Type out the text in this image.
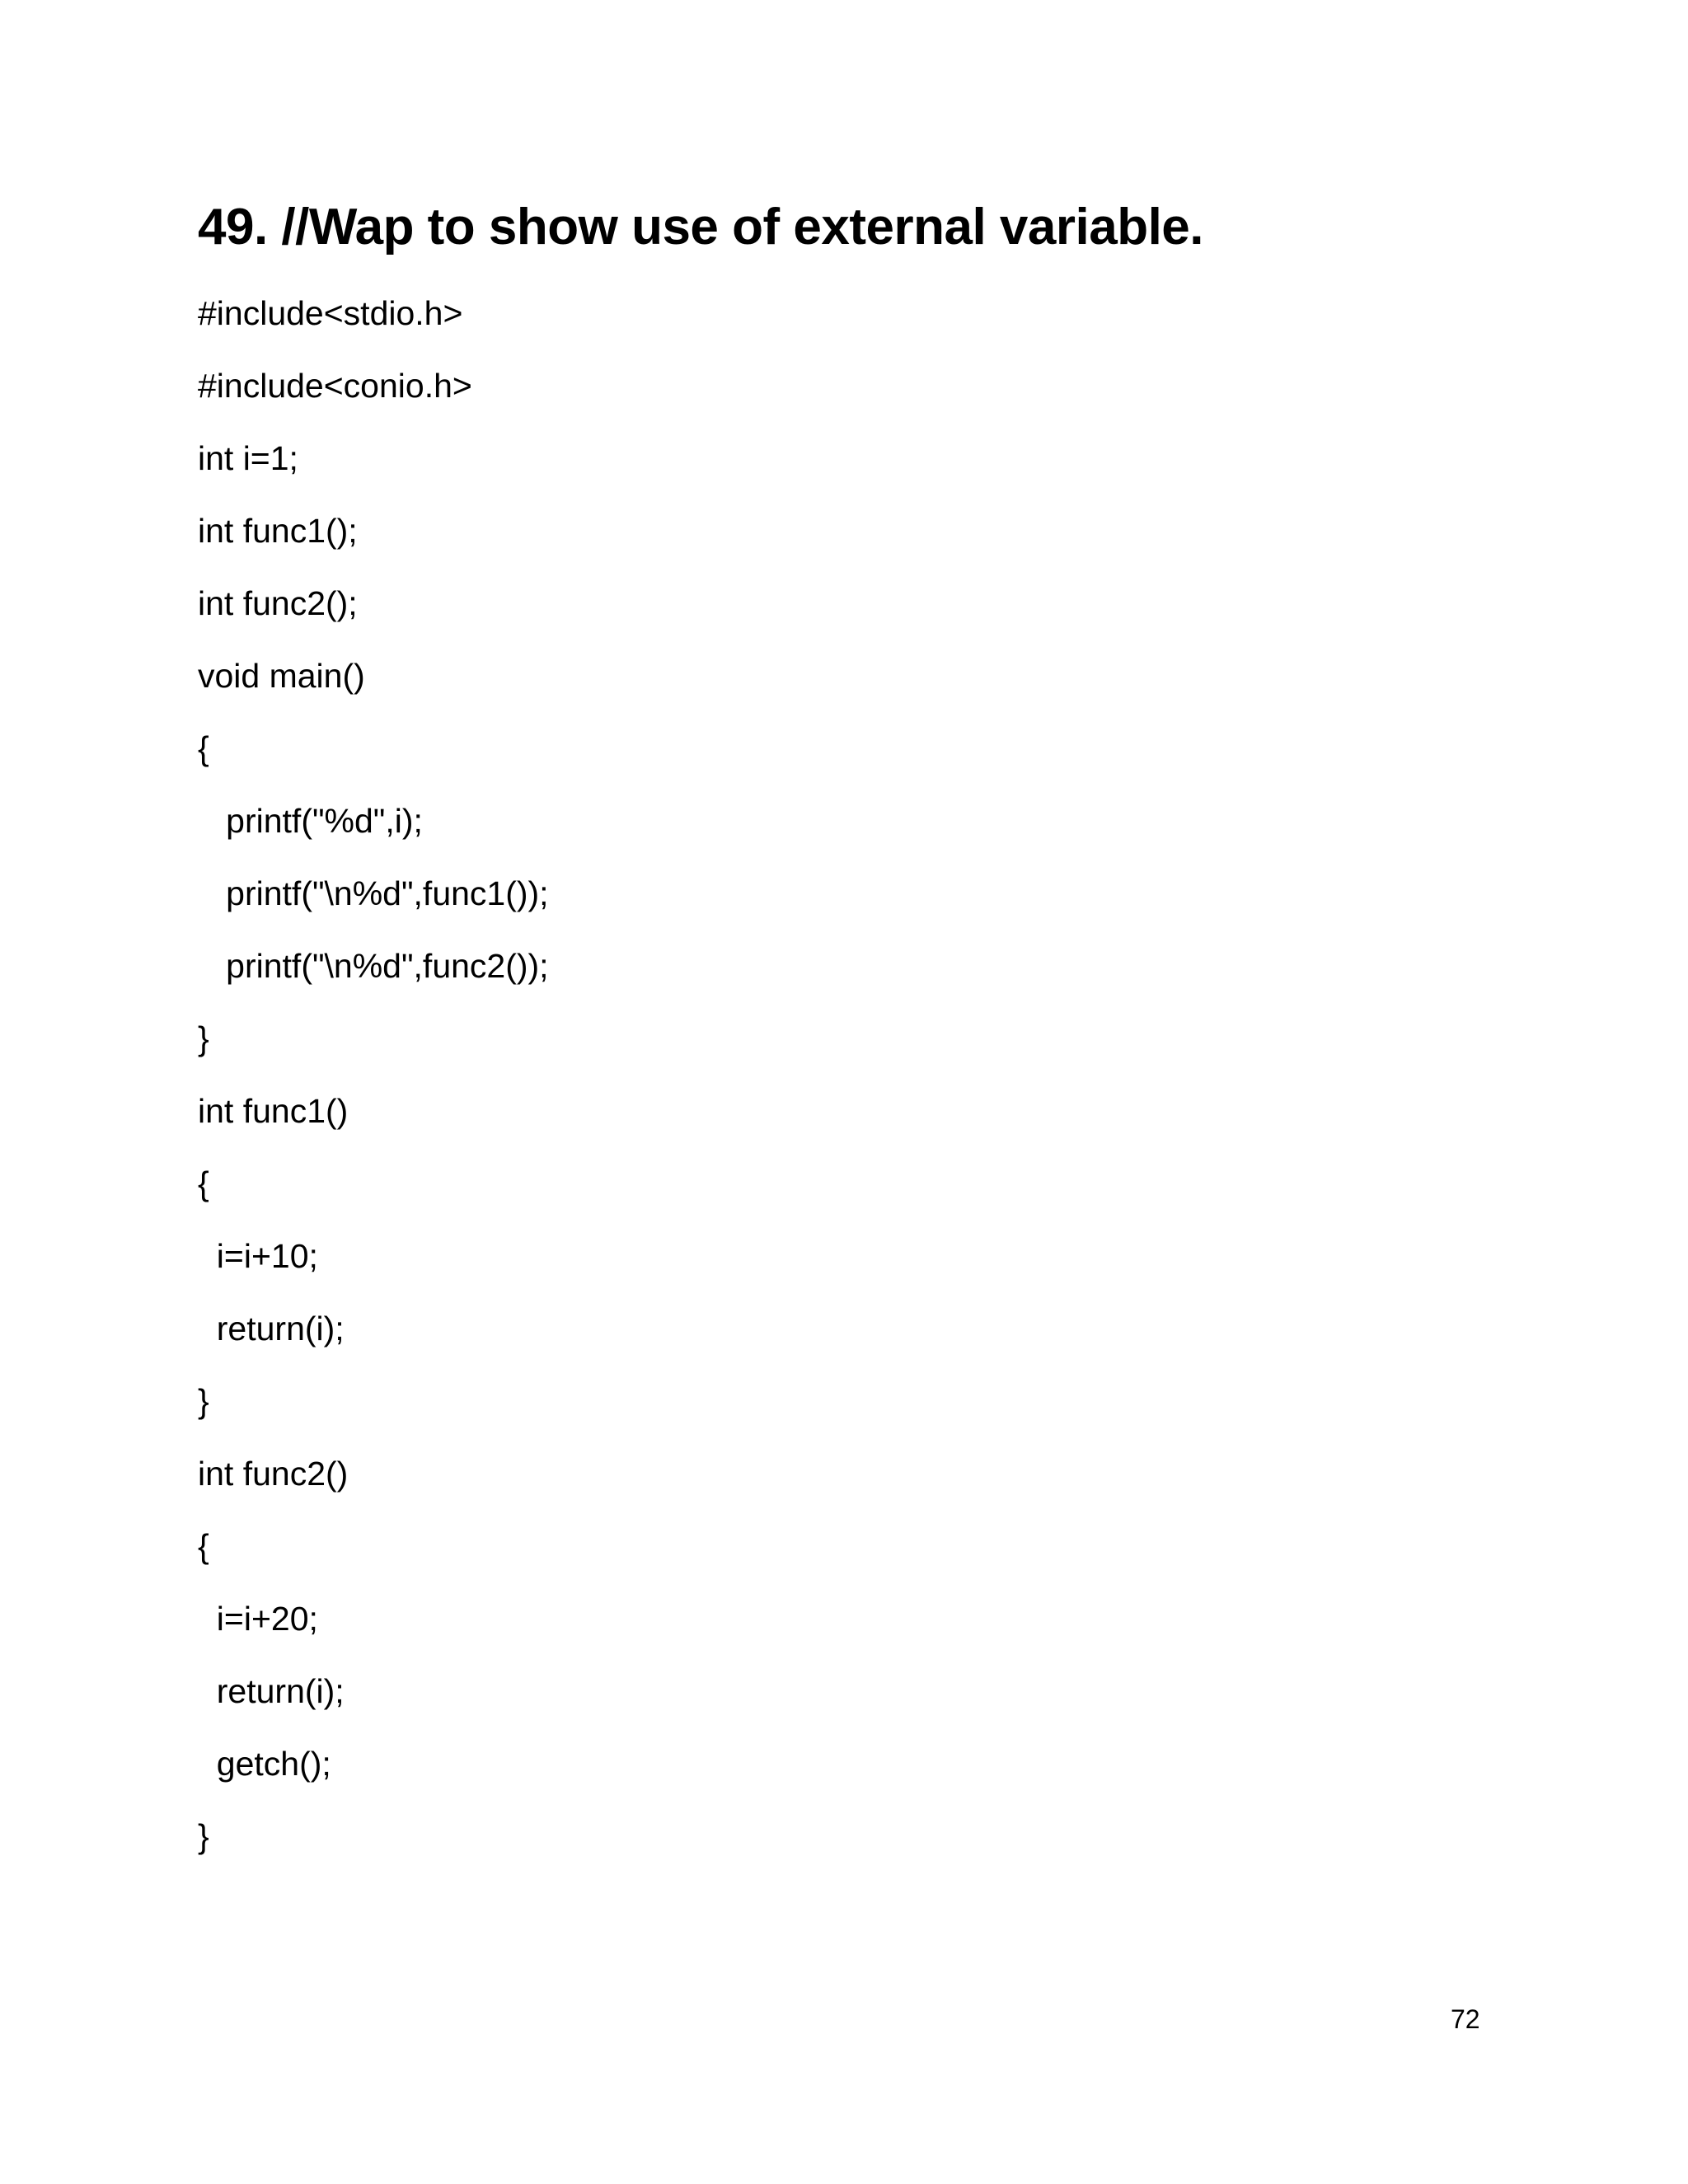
49. //Wap to show use of external variable.
#include<stdio.h>
#include<conio.h>
int i=1;
int func1();
int func2();
void main()
{
printf("%d",i);
printf("\n%d",func1());
printf("\n%d",func2());
}
int func1()
{
i=i+10;
return(i);
}
int func2()
{
i=i+20;
return(i);
getch();
}
72
